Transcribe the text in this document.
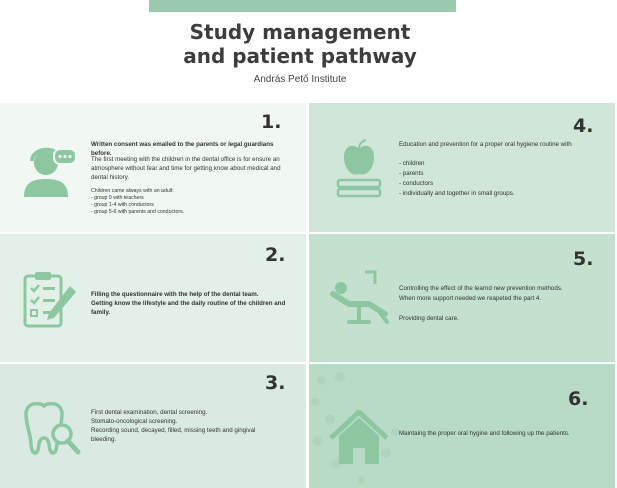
Study management
and patient pathway
András Pető Institute
1.
Written consent was emailed to the parents or legal guardians before.
The first meeting with the children in the dental office is for ensure an atmosphere without fear and time for getting know about medical and dental history.
Children came always with an adult:
- group 0 with teachers
- group 1-4 with conductors
- group 5-6 with parents and conductors.
2.
Filling the questionnaire with the help of the dental team.
Getting know the lifestyle and the daily routine of the children and family.
3.
First dental examination, dental screening.
Stomato-oncological screening.
Recording sound, decayed, filled, missing teeth and gingival bleeding.
4.
Education and prevention for a proper oral hygiene routine with
- children
- parents
- conductors
- individually and together in small groups.
5.
Controlling the effect of the learnd new prevention methods.
When more support needed we reapeted the part 4.
Providing dental care.
6.
Maintaing the proper oral hygine and following up the patients.
